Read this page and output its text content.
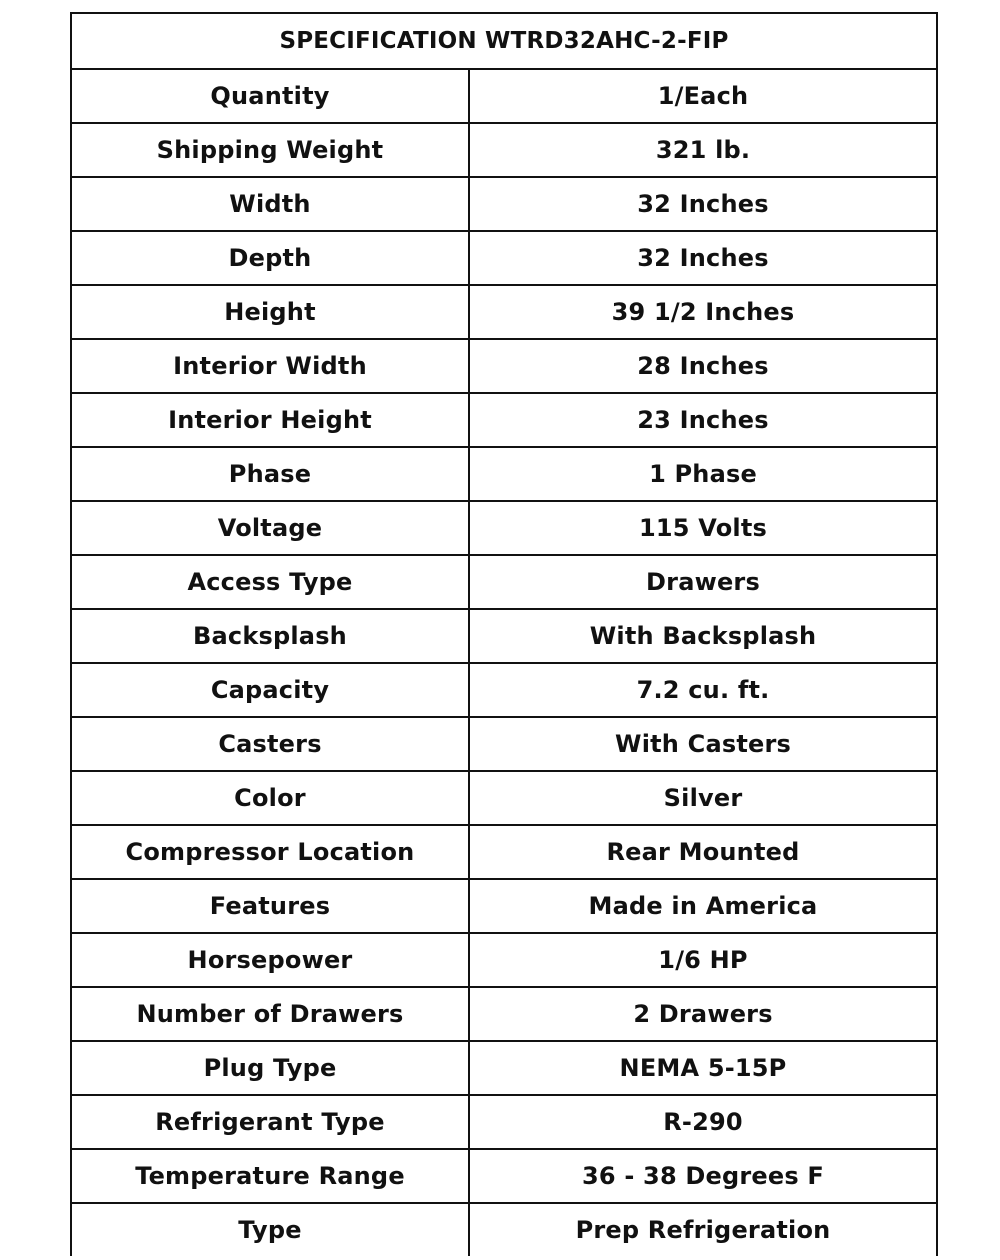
SPECIFICATION WTRD32AHC-2-FIP	
Quantity	1/Each
Shipping Weight	321 lb.
Width	32 Inches
Depth	32 Inches
Height	39 1/2 Inches
Interior Width	28 Inches
Interior Height	23 Inches
Phase	1 Phase
Voltage	115 Volts
Access Type	Drawers
Backsplash	With Backsplash
Capacity	7.2 cu. ft.
Casters	With Casters
Color	Silver
Compressor Location	Rear Mounted
Features	Made in America
Horsepower	1/6 HP
Number of Drawers	2 Drawers
Plug Type	NEMA 5-15P
Refrigerant Type	R-290
Temperature Range	36 - 38 Degrees F
Type	Prep Refrigeration
